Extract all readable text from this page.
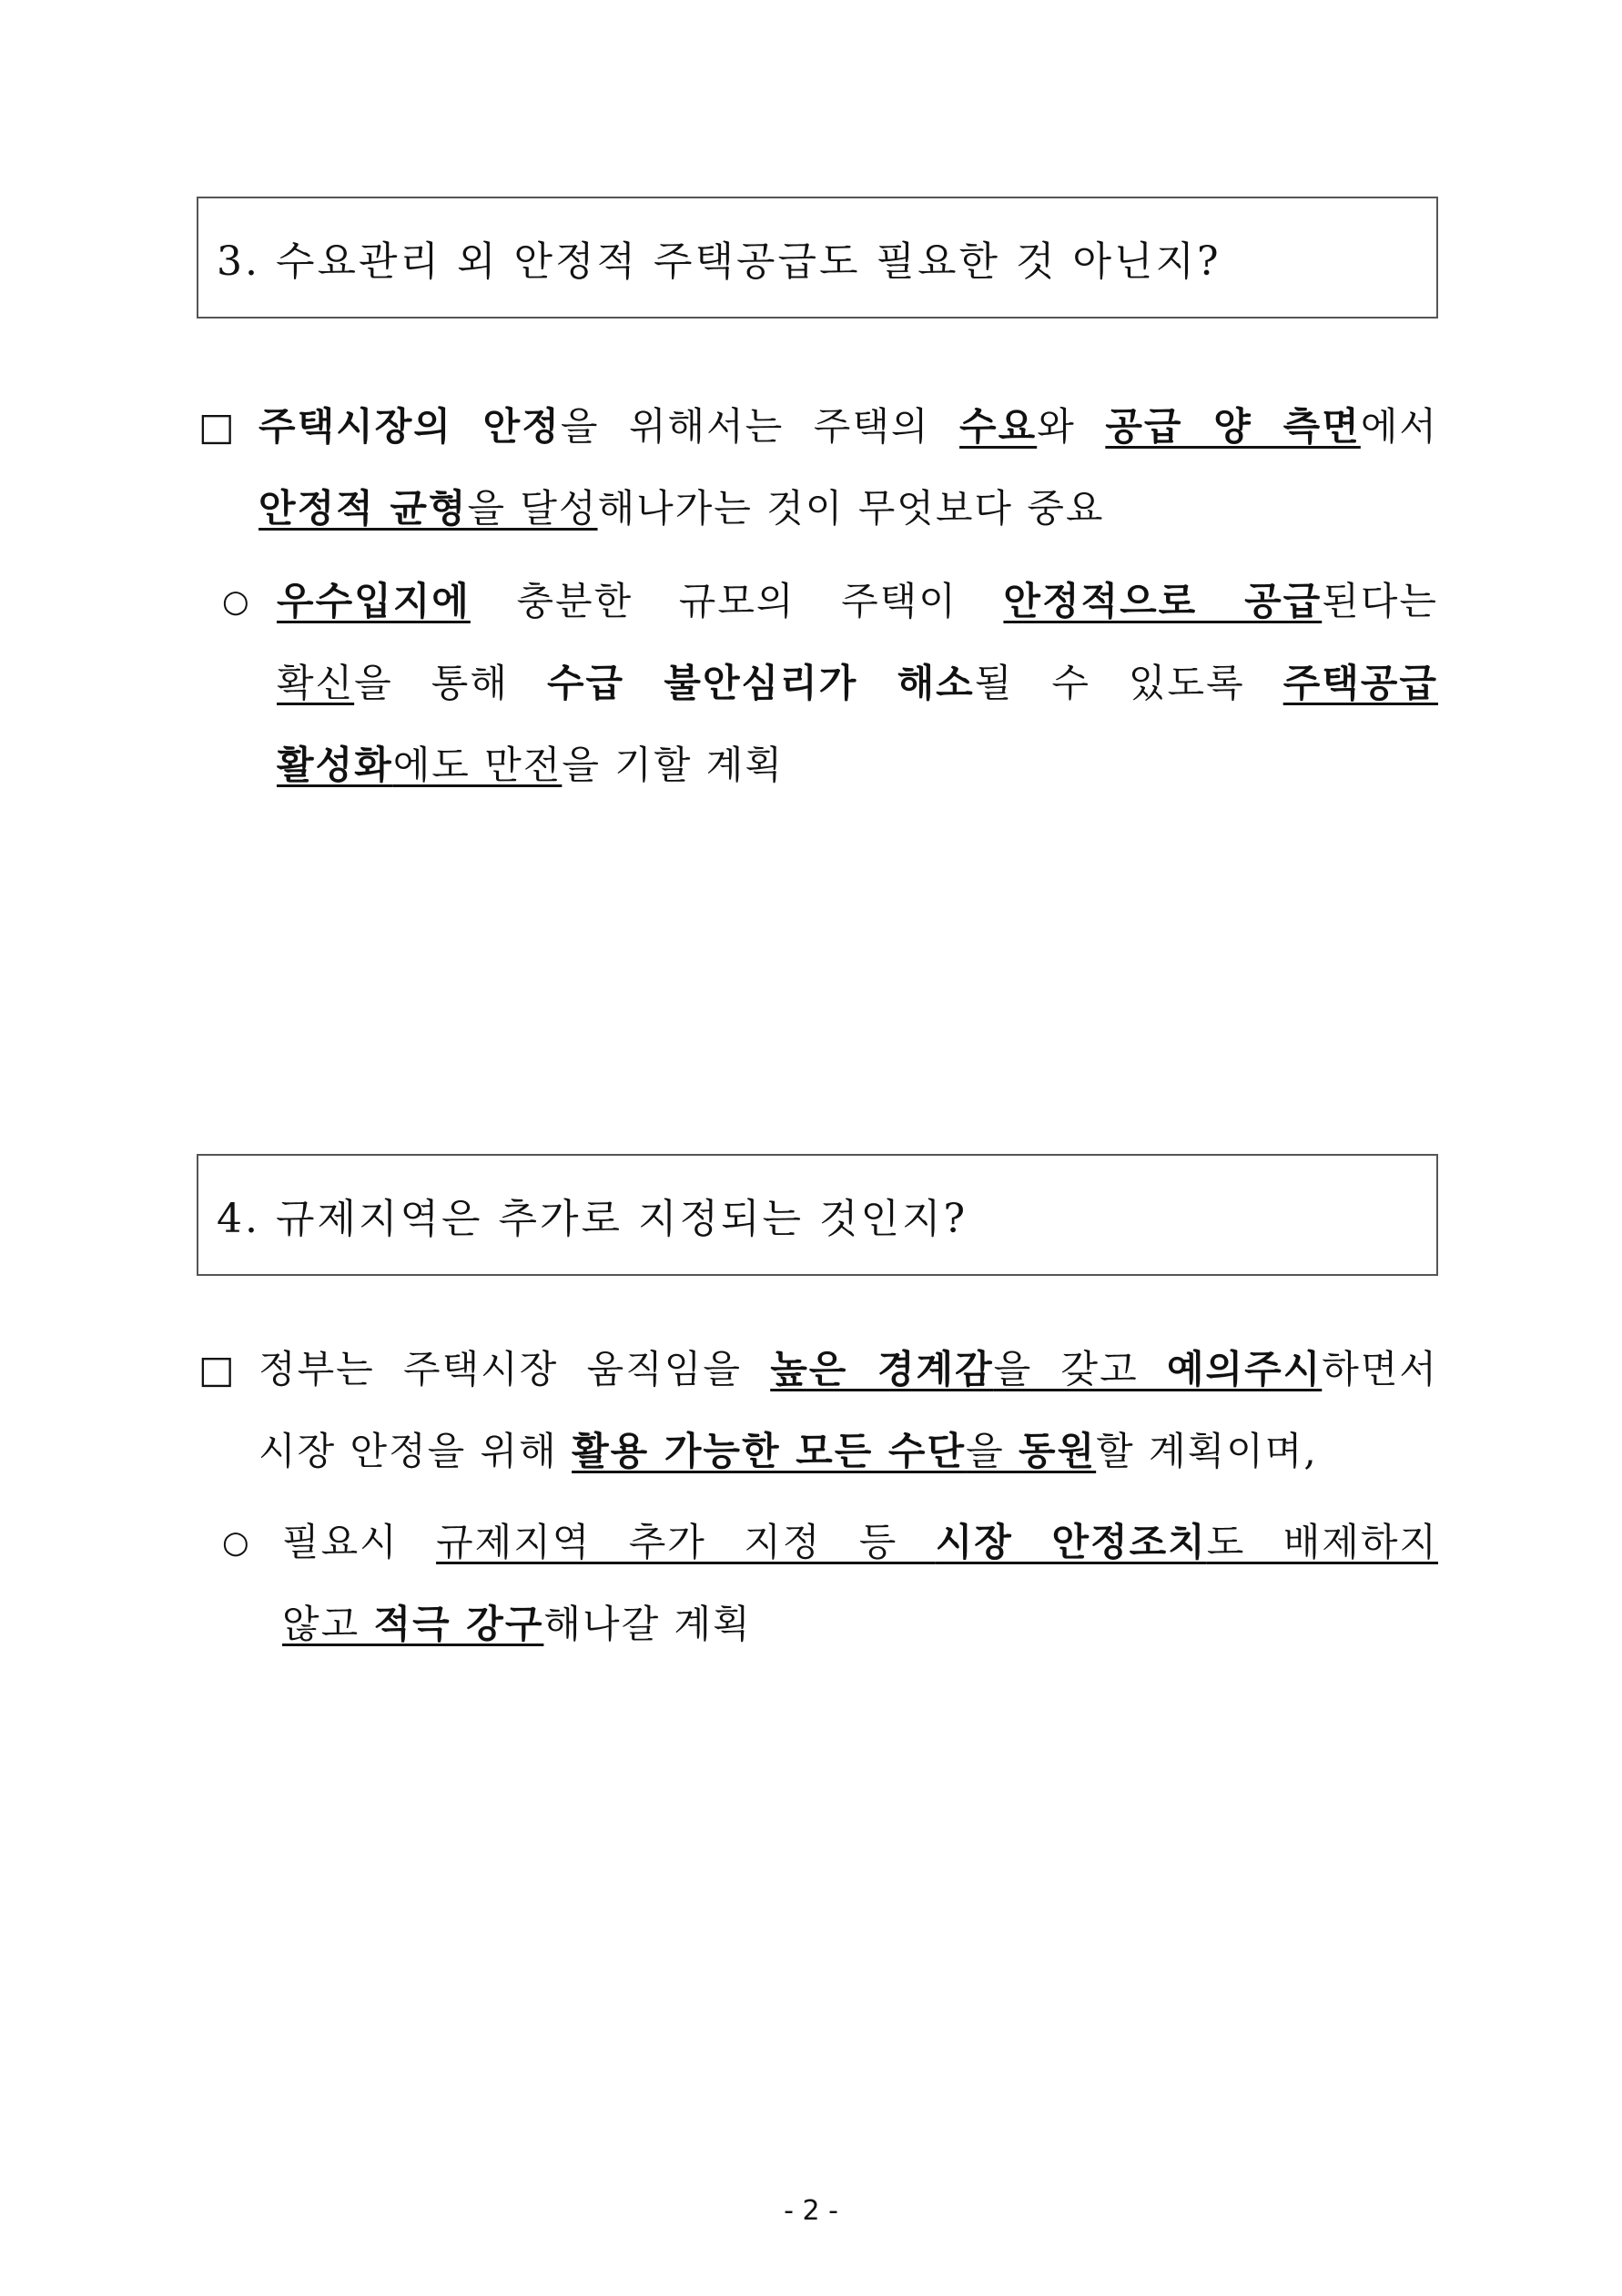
3. 수요관리 외 안정적 주택공급도 필요한 것 아닌지?
□ 주택시장의 안정을 위해서는 주택의 수요와 공급 양 측면에서
안정적 균형을 달성해나가는 것이 무엇보다 중요
○ 우수입지에 충분한 규모의 주택이 안정적으로 공급된다는
확신을 통해 수급 불안심리가 해소될 수 있도록 주택공급
활성화에도 만전을 기할 계획
4. 규제지역은 추가로 지정되는 것인지?
□ 정부는 주택시장 움직임을 높은 경계감을 갖고 예의주시하면서
시장 안정을 위해 활용 가능한 모든 수단을 동원할 계획이며,
○ 필요시 규제지역 추가 지정 등 시장 안정조치도 배제하지
않고 적극 강구해나갈 계획
- 2 -
